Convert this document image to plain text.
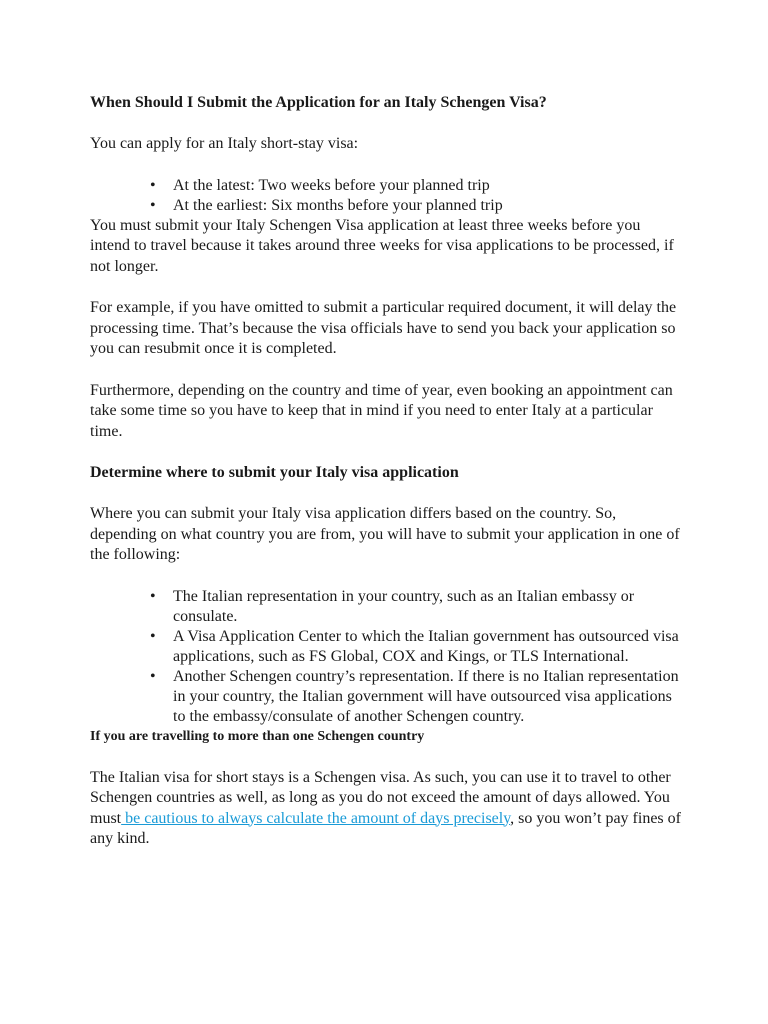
When Should I Submit the Application for an Italy Schengen Visa?

You can apply for an Italy short-stay visa:

• At the latest: Two weeks before your planned trip
• At the earliest: Six months before your planned trip

You must submit your Italy Schengen Visa application at least three weeks before you intend to travel because it takes around three weeks for visa applications to be processed, if not longer.

For example, if you have omitted to submit a particular required document, it will delay the processing time. That’s because the visa officials have to send you back your application so you can resubmit once it is completed.

Furthermore, depending on the country and time of year, even booking an appointment can take some time so you have to keep that in mind if you need to enter Italy at a particular time.

Determine where to submit your Italy visa application

Where you can submit your Italy visa application differs based on the country. So, depending on what country you are from, you will have to submit your application in one of the following:

• The Italian representation in your country, such as an Italian embassy or consulate.
• A Visa Application Center to which the Italian government has outsourced visa applications, such as FS Global, COX and Kings, or TLS International.
• Another Schengen country’s representation. If there is no Italian representation in your country, the Italian government will have outsourced visa applications to the embassy/consulate of another Schengen country.
If you are travelling to more than one Schengen country

The Italian visa for short stays is a Schengen visa. As such, you can use it to travel to other Schengen countries as well, as long as you do not exceed the amount of days allowed. You must be cautious to always calculate the amount of days precisely, so you won’t pay fines of any kind.
